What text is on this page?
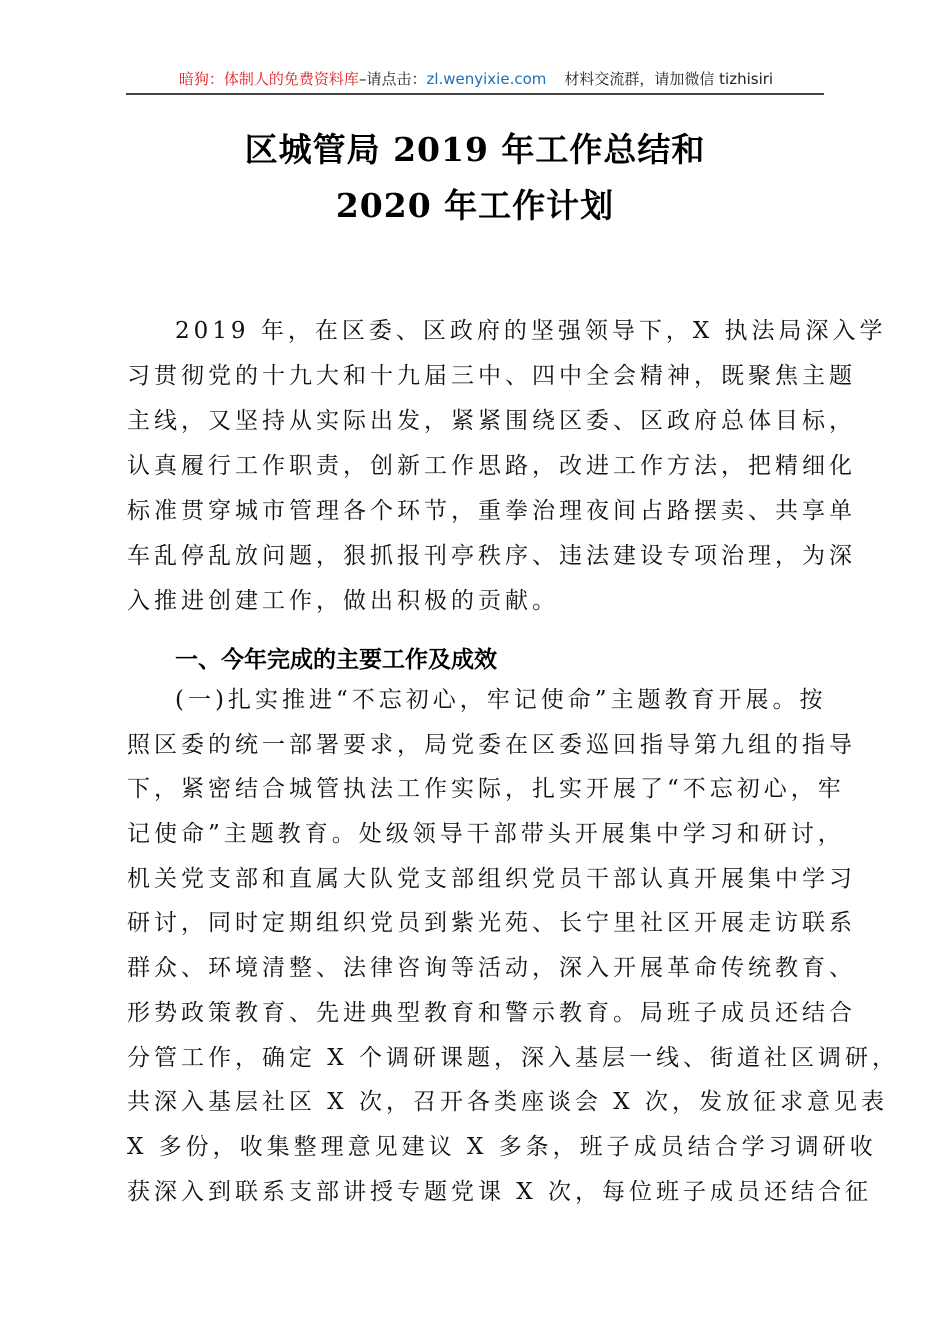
暗狗：体制人的免费资料库–请点击：zl.wenyixie.com 材料交流群，请加微信 tizhisiri
区城管局 2019 年工作总结和
2020 年工作计划
2019 年，在区委、区政府的坚强领导下，X 执法局深入学
习贯彻党的十九大和十九届三中、四中全会精神，既聚焦主题
主线，又坚持从实际出发，紧紧围绕区委、区政府总体目标，
认真履行工作职责，创新工作思路，改进工作方法，把精细化
标准贯穿城市管理各个环节，重拳治理夜间占路摆卖、共享单
车乱停乱放问题，狠抓报刊亭秩序、违法建设专项治理，为深
入推进创建工作，做出积极的贡献。
一、今年完成的主要工作及成效
(一)扎实推进“不忘初心，牢记使命”主题教育开展。按
照区委的统一部署要求，局党委在区委巡回指导第九组的指导
下，紧密结合城管执法工作实际，扎实开展了“不忘初心，牢
记使命”主题教育。处级领导干部带头开展集中学习和研讨，
机关党支部和直属大队党支部组织党员干部认真开展集中学习
研讨，同时定期组织党员到紫光苑、长宁里社区开展走访联系
群众、环境清整、法律咨询等活动，深入开展革命传统教育、
形势政策教育、先进典型教育和警示教育。局班子成员还结合
分管工作，确定 X 个调研课题，深入基层一线、街道社区调研，
共深入基层社区 X 次，召开各类座谈会 X 次，发放征求意见表
X 多份，收集整理意见建议 X 多条，班子成员结合学习调研收
获深入到联系支部讲授专题党课 X 次，每位班子成员还结合征
